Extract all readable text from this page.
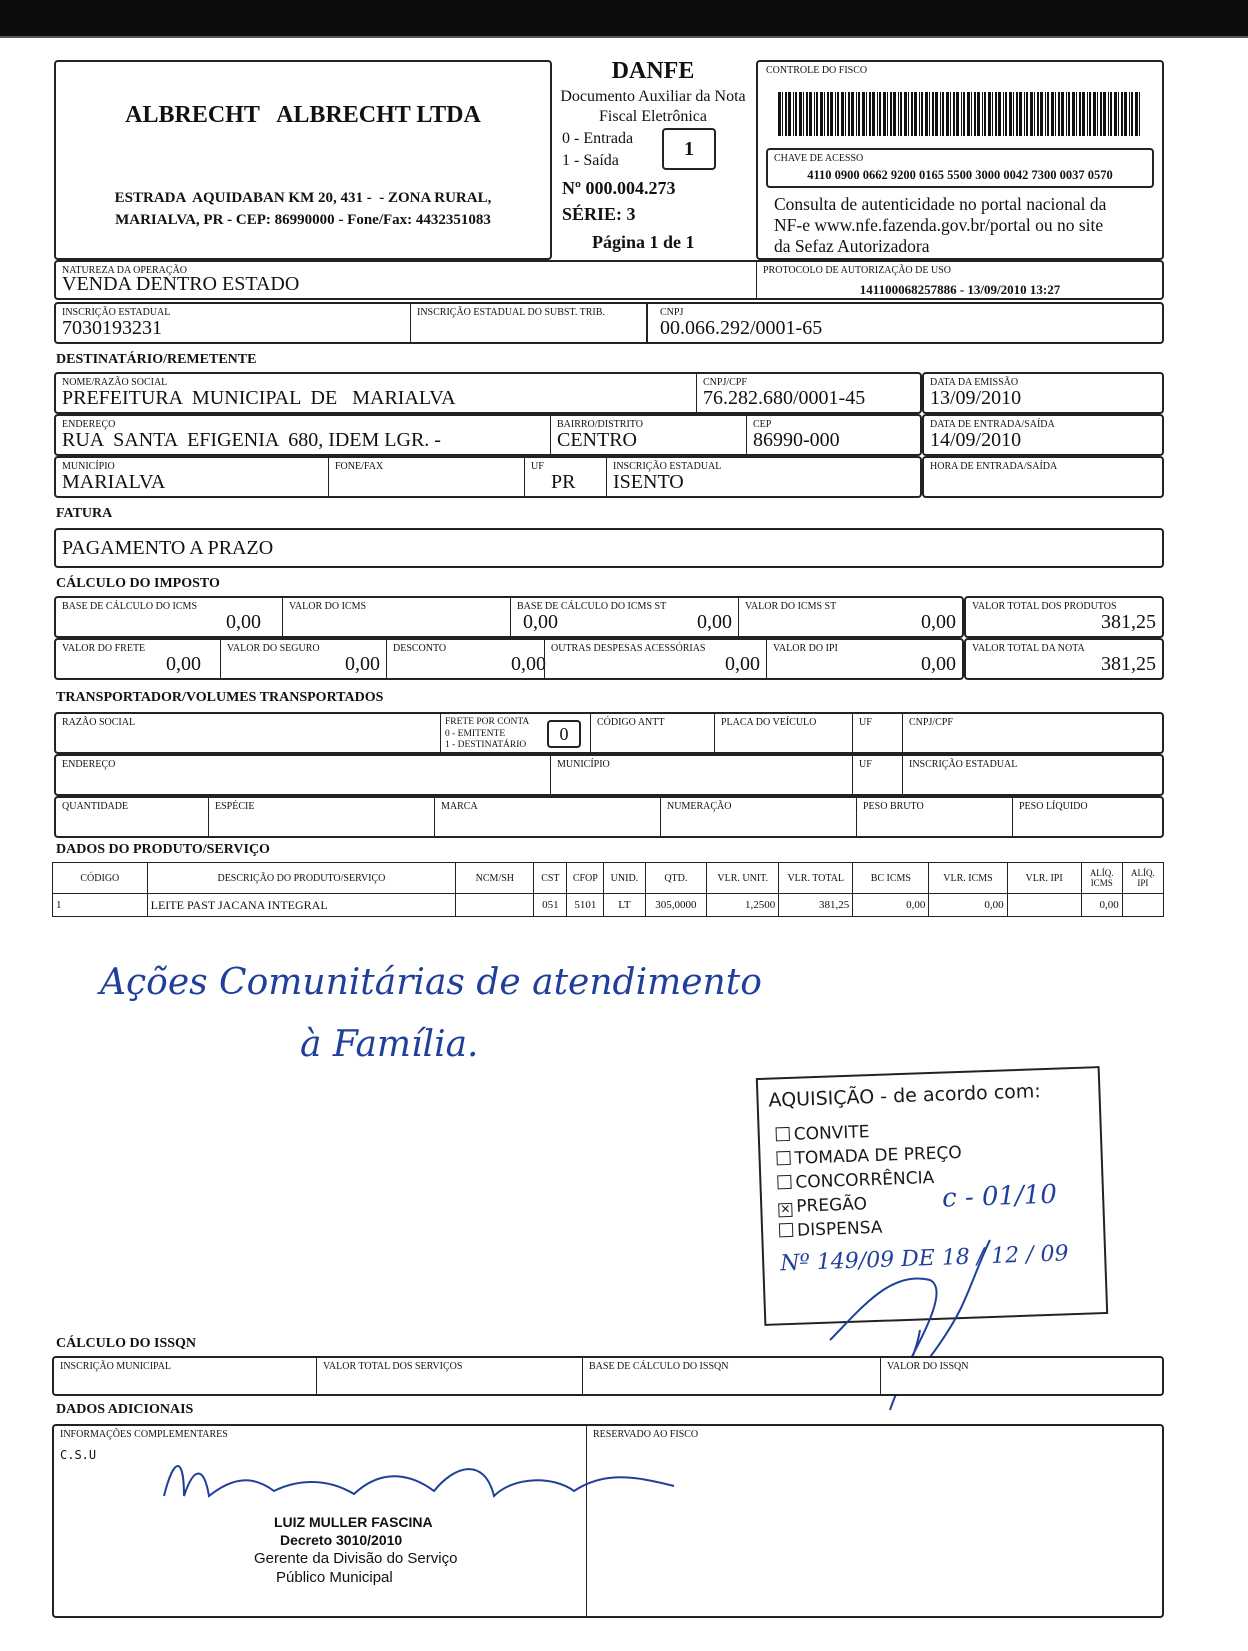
ALBRECHT   ALBRECHT LTDA
ESTRADA  AQUIDABAN KM 20, 431 -  - ZONA RURAL,
MARIALVA, PR - CEP: 86990000 - Fone/Fax: 4432351083
DANFE
Documento Auxiliar da Nota
Fiscal Eletrônica
0 - Entrada
1 - Saída
1
Nº 000.004.273
SÉRIE: 3
Página 1 de 1
CONTROLE DO FISCO
CHAVE DE ACESSO
4110 0900 0662 9200 0165 5500 3000 0042 7300 0037 0570
Consulta de autenticidade no portal nacional da
NF-e www.nfe.fazenda.gov.br/portal ou no site
da Sefaz Autorizadora
NATUREZA DA OPERAÇÃO
VENDA DENTRO ESTADO
PROTOCOLO DE AUTORIZAÇÃO DE USO
141100068257886 - 13/09/2010 13:27
INSCRIÇÃO ESTADUAL
7030193231
INSCRIÇÃO ESTADUAL DO SUBST. TRIB.	CNPJ
00.066.292/0001-65
DESTINATÁRIO/REMETENTE
NOME/RAZÃO SOCIAL
PREFEITURA  MUNICIPAL  DE   MARIALVA
CNPJ/CPF
76.282.680/0001-45
DATA DA EMISSÃO
13/09/2010
ENDEREÇO
RUA  SANTA  EFIGENIA  680, IDEM LGR. -
BAIRRO/DISTRITO
CENTRO
CEP
86990-000
DATA DE ENTRADA/SAÍDA
14/09/2010
MUNICÍPIO
MARIALVA
FONE/FAX	UF
PR
INSCRIÇÃO ESTADUAL
ISENTO
HORA DE ENTRADA/SAÍDA
FATURA
PAGAMENTO A PRAZO
CÁLCULO DO IMPOSTO
BASE DE CÁLCULO DO ICMS
0,00
VALOR DO ICMS
0,00
BASE DE CÁLCULO DO ICMS ST
0,00
VALOR DO ICMS ST
0,00
VALOR TOTAL DOS PRODUTOS
381,25
VALOR DO FRETE
0,00
VALOR DO SEGURO
0,00
DESCONTO
0,00
OUTRAS DESPESAS ACESSÓRIAS
0,00
VALOR DO IPI
0,00
VALOR TOTAL DA NOTA
381,25
TRANSPORTADOR/VOLUMES TRANSPORTADOS
RAZÃO SOCIAL	FRETE POR CONTA
0 - EMITENTE
1 - DESTINATÁRIO
0
CÓDIGO ANTT	PLACA DO VEÍCULO	UF	CNPJ/CPF
ENDEREÇO	MUNICÍPIO	UF	INSCRIÇÃO ESTADUAL
QUANTIDADE	ESPÉCIE	MARCA	NUMERAÇÃO	PESO BRUTO	PESO LÍQUIDO
DADOS DO PRODUTO/SERVIÇO
CÓDIGO	DESCRIÇÃO DO PRODUTO/SERVIÇO	NCM/SH	CST	CFOP	UNID.	QTD.	VLR. UNIT.	VLR. TOTAL	BC ICMS	VLR. ICMS	VLR. IPI	ALÍQ. ICMS	ALÍQ. IPI
1	LEITE PAST JACANA INTEGRAL		051	5101	LT	305,0000	1,2500	381,25	0,00	0,00		0,00	
Ações Comunitárias de atendimento
à Família.
AQUISIÇÃO - de acordo com:
CONVITE
TOMADA DE PREÇO
CONCORRÊNCIA
✕ PREGÃO	c - 01/10
DISPENSA
Nº 149/09 DE 18 / 12 / 09
CÁLCULO DO ISSQN
INSCRIÇÃO MUNICIPAL	VALOR TOTAL DOS SERVIÇOS	BASE DE CÁLCULO DO ISSQN	VALOR DO ISSQN
DADOS ADICIONAIS
INFORMAÇÕES COMPLEMENTARES
C.S.U
RESERVADO AO FISCO
LUIZ MULLER FASCINA
Decreto 3010/2010
Gerente da Divisão do Serviço
Público Municipal
